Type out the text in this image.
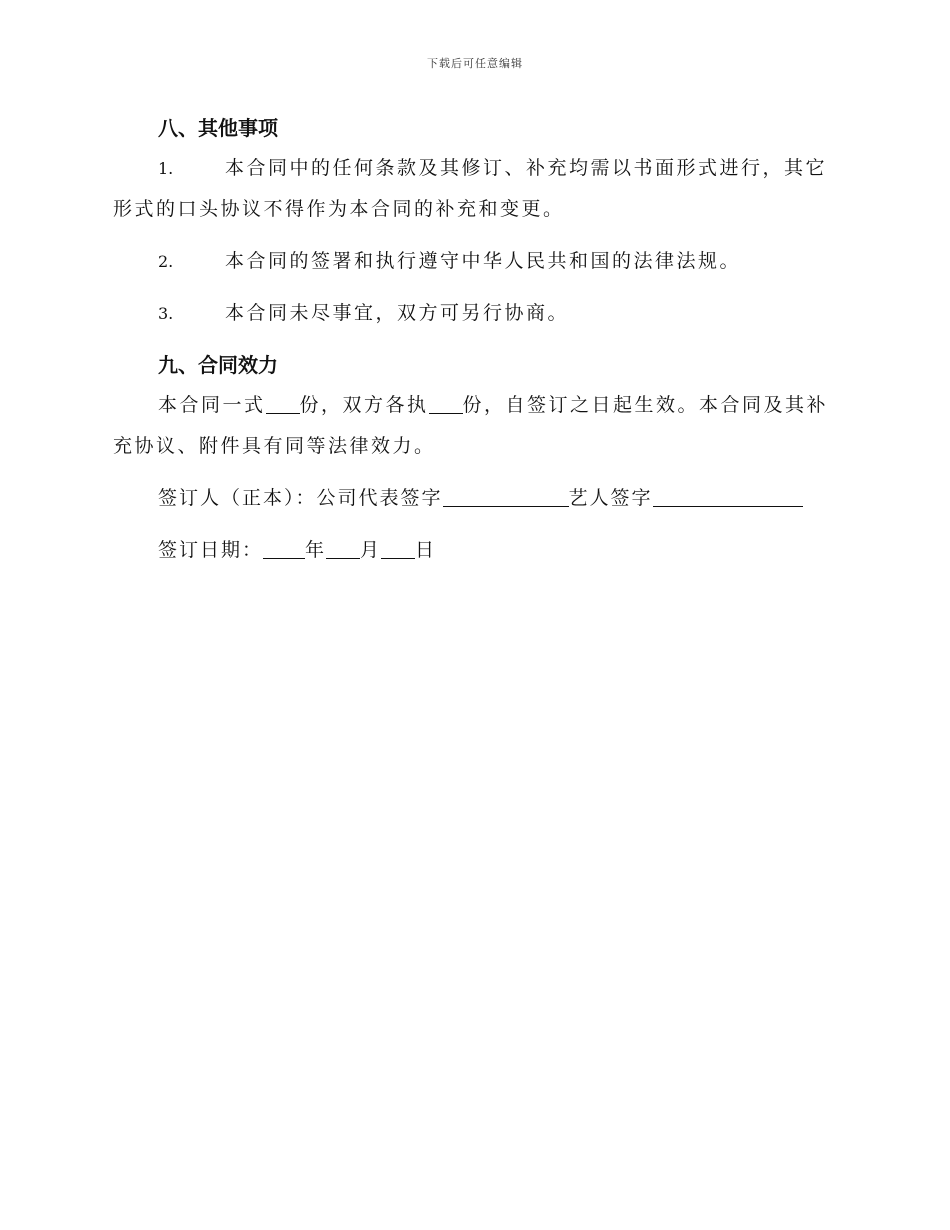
下载后可任意编辑
八、其他事项
1.	本合同中的任何条款及其修订、补充均需以书面形式进行，其它
形式的口头协议不得作为本合同的补充和变更。
2.	本合同的签署和执行遵守中华人民共和国的法律法规。
3.	本合同未尽事宜，双方可另行协商。
九、合同效力

本合同一式 份，双方各执 份，自签订之日起生效。本合同及其补充协议、附件具有同等法律效力。

签订人（正本）：公司代表签字	艺人签字
签订日期： 年 月 日
